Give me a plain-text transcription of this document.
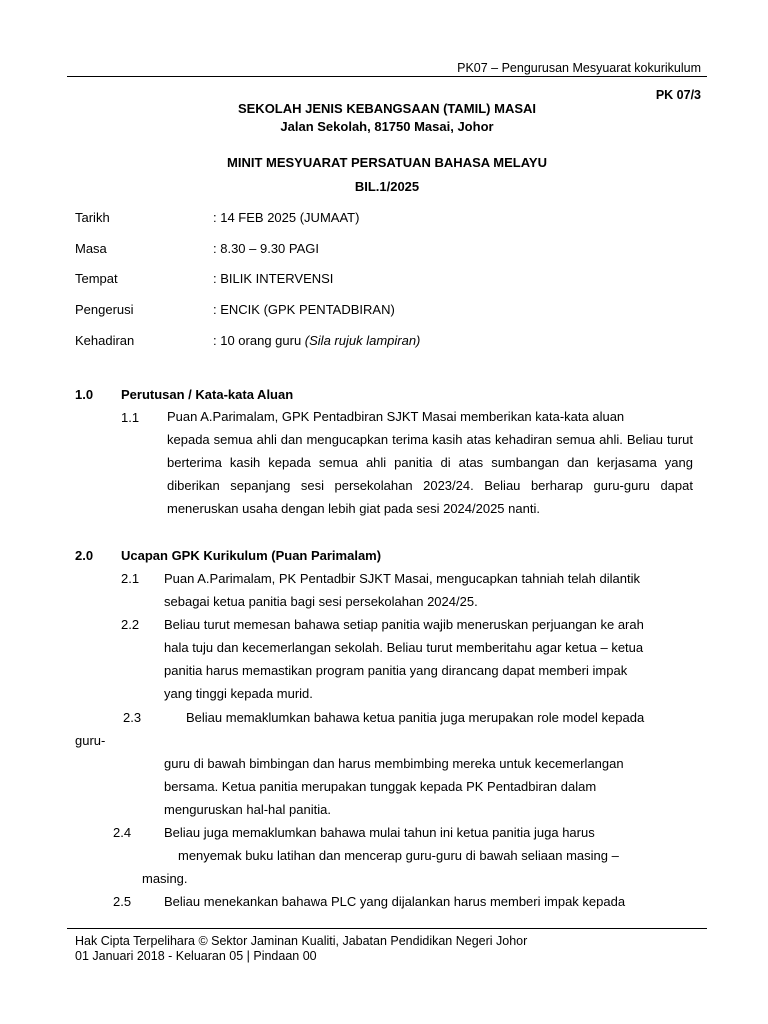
PK07 – Pengurusan Mesyuarat kokurikulum
PK 07/3
SEKOLAH JENIS KEBANGSAAN (TAMIL) MASAI
Jalan Sekolah, 81750 Masai, Johor
MINIT MESYUARAT PERSATUAN BAHASA MELAYU
BIL.1/2025
Tarikh	: 14 FEB 2025 (JUMAAT)
Masa	: 8.30 – 9.30 PAGI
Tempat	: BILIK INTERVENSI
Pengerusi	: ENCIK (GPK PENTADBIRAN)
Kehadiran	: 10 orang guru (Sila rujuk lampiran)
1.0 Perutusan / Kata-kata Aluan
1.1 Puan A.Parimalam, GPK Pentadbiran SJKT Masai memberikan kata-kata aluan
kepada semua ahli dan mengucapkan terima kasih atas kehadiran semua ahli. Beliau turut berterima kasih kepada semua ahli panitia di atas sumbangan dan kerjasama yang diberikan sepanjang sesi persekolahan 2023/24. Beliau berharap guru-guru dapat meneruskan usaha dengan lebih giat pada sesi 2024/2025 nanti.
2.0 Ucapan GPK Kurikulum (Puan Parimalam)
2.1 Puan A.Parimalam, PK Pentadbir SJKT Masai, mengucapkan tahniah telah dilantik
sebagai ketua panitia bagi sesi persekolahan 2024/25.
2.2 Beliau turut memesan bahawa setiap panitia wajib meneruskan perjuangan ke arah
hala tuju dan kecemerlangan sekolah. Beliau turut memberitahu agar ketua – ketua
panitia harus memastikan program panitia yang dirancang dapat memberi impak
yang tinggi kepada murid.
2.3	Beliau memaklumkan bahawa ketua panitia juga merupakan role model kepada
guru-
guru di bawah bimbingan dan harus membimbing mereka untuk kecemerlangan
bersama. Ketua panitia merupakan tunggak kepada PK Pentadbiran dalam
menguruskan hal-hal panitia.
2.4	Beliau juga memaklumkan bahawa mulai tahun ini ketua panitia juga harus
menyemak buku latihan dan mencerap guru-guru di bawah seliaan masing –
masing.
2.5	Beliau menekankan bahawa PLC yang dijalankan harus memberi impak kepada
Hak Cipta Terpelihara © Sektor Jaminan Kualiti, Jabatan Pendidikan Negeri Johor
01 Januari 2018 - Keluaran 05 | Pindaan 00
